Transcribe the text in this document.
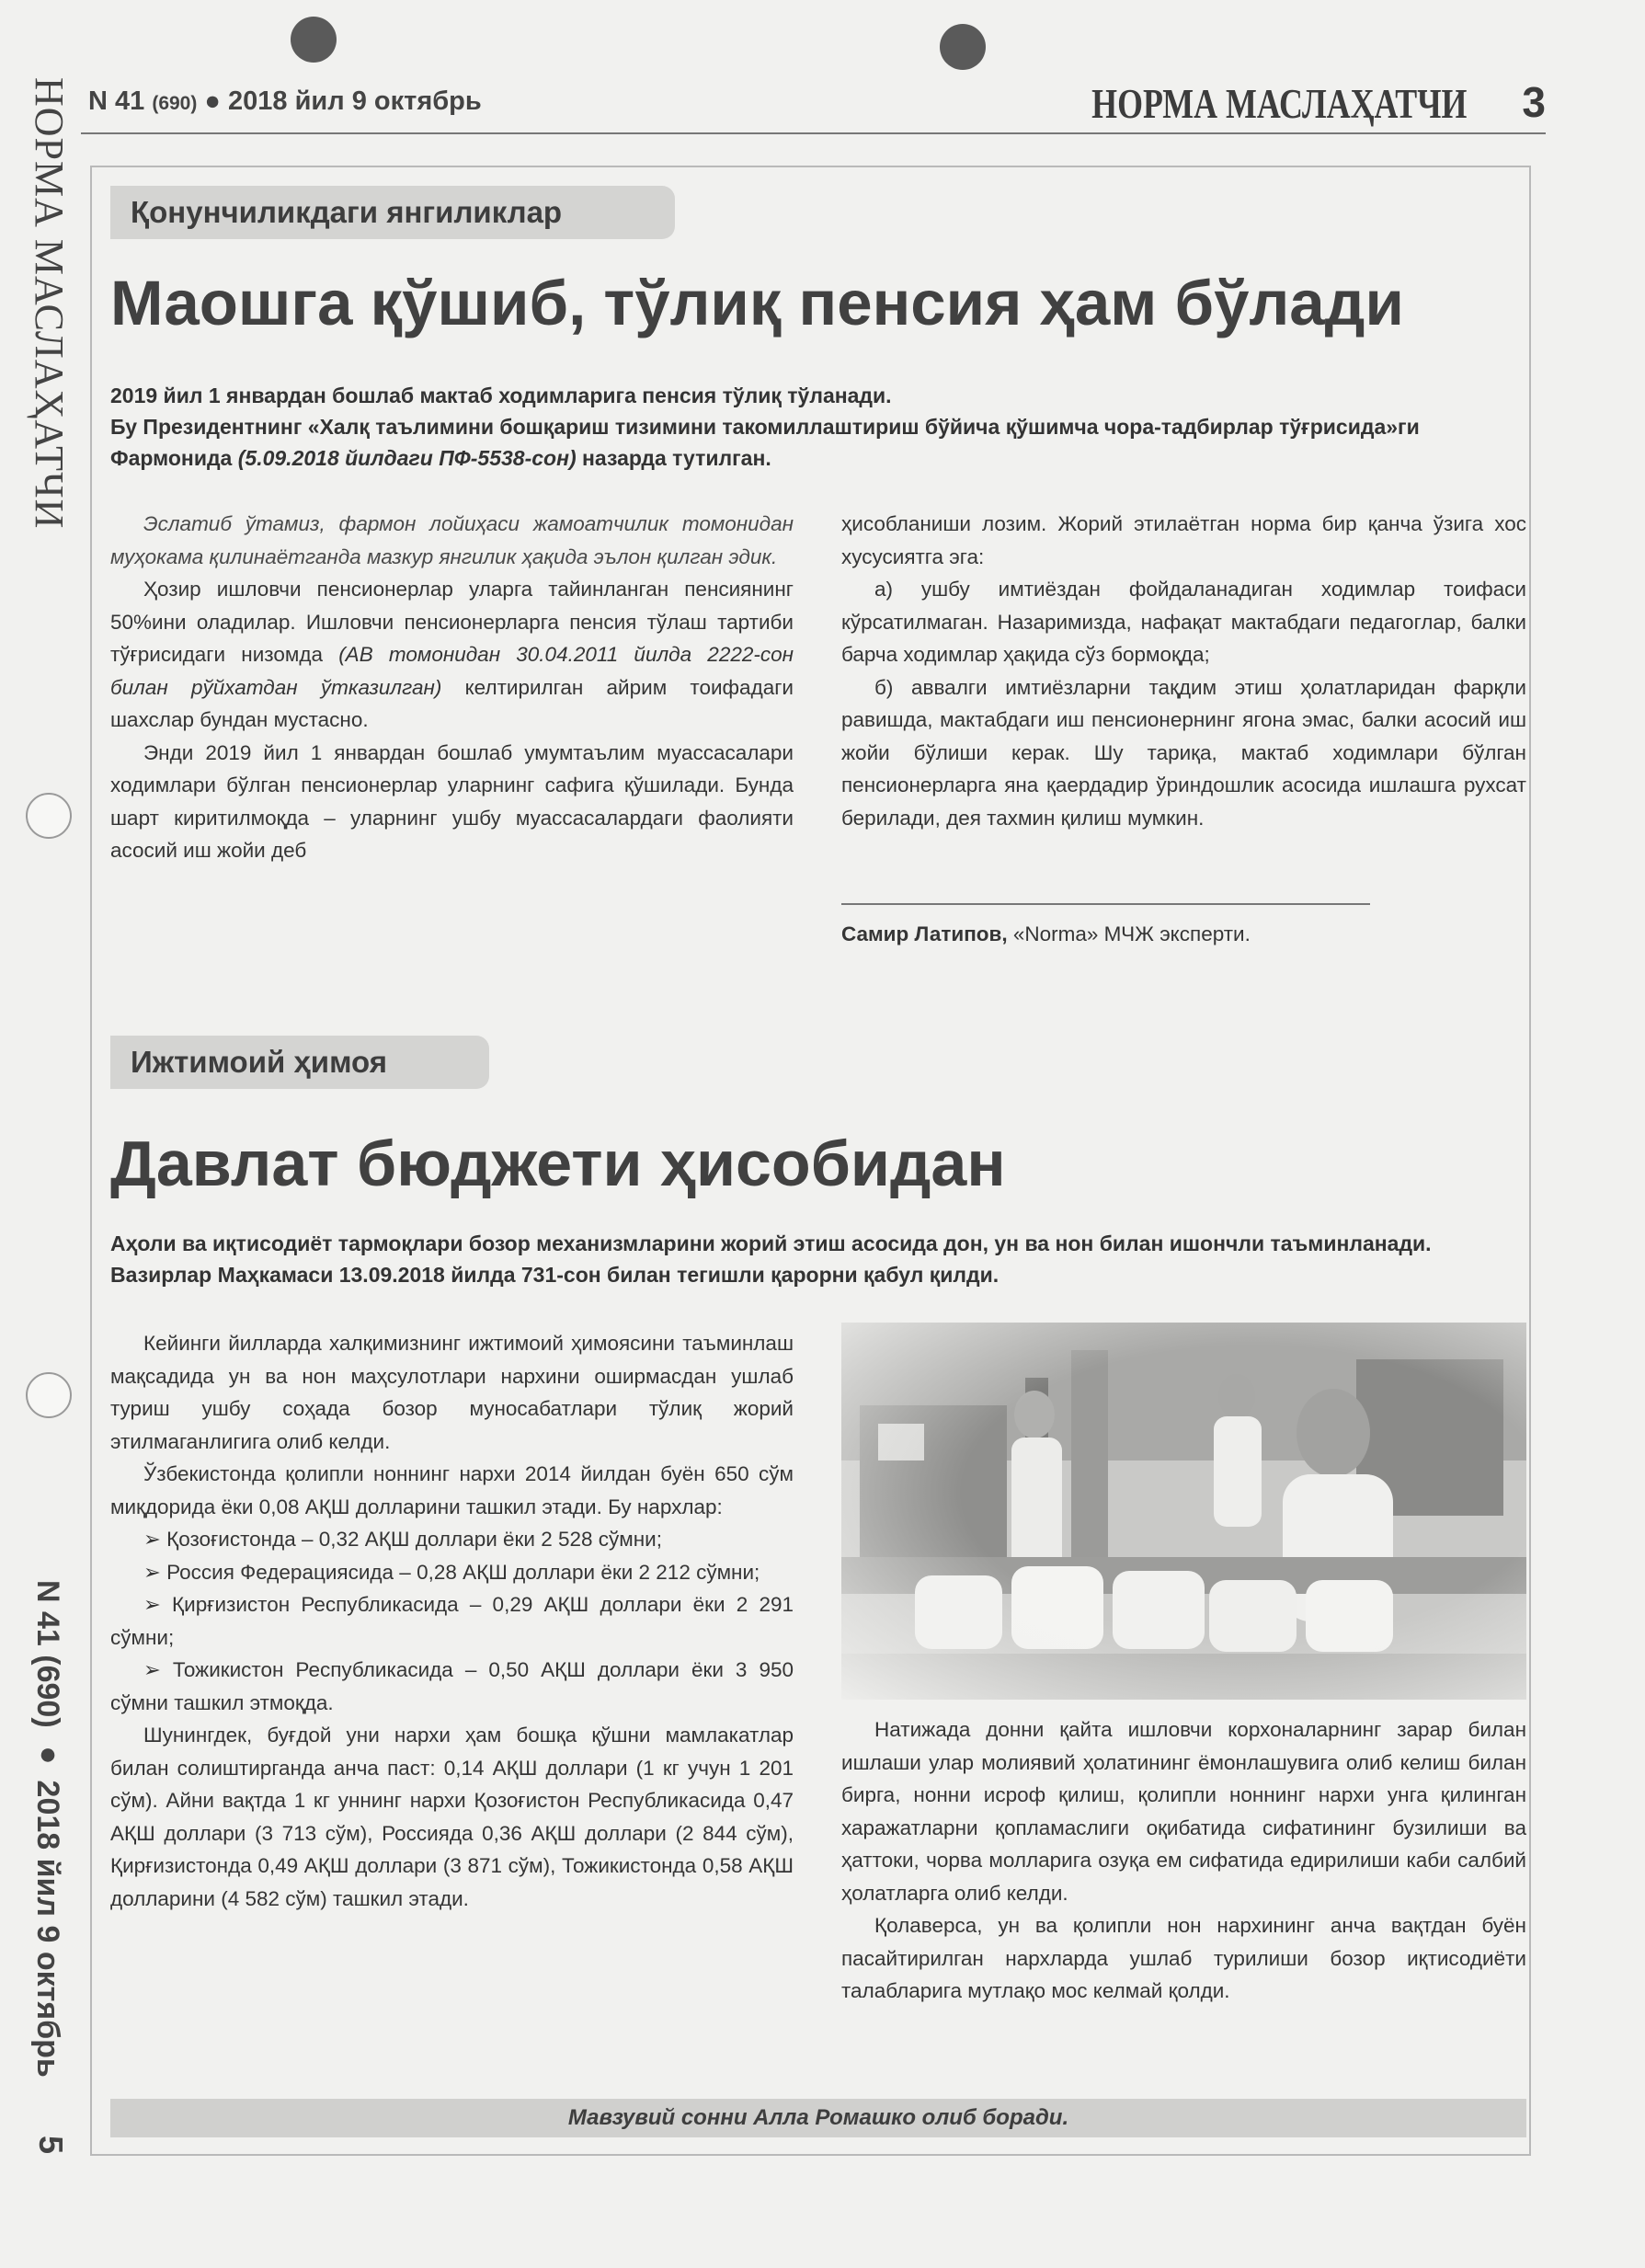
НОРМА МАСЛАҲАТЧИ
N 41 (690) ● 2018 йил 9 октябрь
5
N 41 (690) ● 2018 йил 9 октябрь	НОРМА МАСЛАҲАТЧИ 3
Қонунчиликдаги янгиликлар
Маошга қўшиб, тўлиқ пенсия ҳам бўлади
2019 йил 1 январдан бошлаб мактаб ходимларига пенсия тўлиқ тўланади.
Бу Президентнинг «Халқ таълимини бошқариш тизимини такомиллаштириш бўйича қўшимча чора-тадбирлар тўғрисида»ги Фармонида (5.09.2018 йилдаги ПФ-5538-сон) назарда тутилган.

Эслатиб ўтамиз, фармон лойиҳаси жамоатчилик томонидан муҳокама қилинаётганда мазкур янгилик ҳақида эълон қилган эдик.

Ҳозир ишловчи пенсионерлар уларга тайинланган пенсиянинг 50%ини оладилар. Ишловчи пенсионерларга пенсия тўлаш тартиби тўғрисидаги низомда (АВ томонидан 30.04.2011 йилда 2222-сон билан рўйхатдан ўтказилган) келтирилган айрим тоифадаги шахслар бундан мустасно.

Энди 2019 йил 1 январдан бошлаб умумтаълим муассасалари ходимлари бўлган пенсионерлар уларнинг сафига қўшилади. Бунда шарт киритилмоқда – уларнинг ушбу муассасалардаги фаолияти асосий иш жойи деб

ҳисобланиши лозим. Жорий этилаётган норма бир қанча ўзига хос хусусиятга эга:

а) ушбу имтиёздан фойдаланадиган ходимлар тоифаси кўрсатилмаган. Назаримизда, нафақат мактабдаги педагоглар, балки барча ходимлар ҳақида сўз бормоқда;

б) аввалги имтиёзларни тақдим этиш ҳолатларидан фарқли равишда, мактабдаги иш пенсионернинг ягона эмас, балки асосий иш жойи бўлиши керак. Шу тариқа, мактаб ходимлари бўлган пенсионерларга яна қаердадир ўриндошлик асосида ишлашга рухсат берилади, дея тахмин қилиш мумкин.

Самир Латипов, «Norma» МЧЖ эксперти.

Ижтимоий ҳимоя
Давлат бюджети ҳисобидан

Аҳоли ва иқтисодиёт тармоқлари бозор механизмларини жорий этиш асосида дон, ун ва нон билан ишончли таъминланади. Вазирлар Маҳкамаси 13.09.2018 йилда 731-сон билан тегишли қарорни қабул қилди.

Кейинги йилларда халқимизнинг ижтимоий ҳимоясини таъминлаш мақсадида ун ва нон маҳсулотлари нархини оширмасдан ушлаб туриш ушбу соҳада бозор муносабатлари тўлиқ жорий этилмаганлигига олиб келди.

Ўзбекистонда қолипли ноннинг нархи 2014 йилдан буён 650 сўм миқдорида ёки 0,08 АҚШ долларини ташкил этади. Бу нархлар:

➢ Қозоғистонда – 0,32 АҚШ доллари ёки 2 528 сўмни;

➢ Россия Федерациясида – 0,28 АҚШ доллари ёки 2 212 сўмни;

➢ Қирғизистон Республикасида – 0,29 АҚШ доллари ёки 2 291 сўмни;

➢ Тожикистон Республикасида – 0,50 АҚШ доллари ёки 3 950 сўмни ташкил этмоқда.

Шунингдек, буғдой уни нархи ҳам бошқа қўшни мамлакатлар билан солиштирганда анча паст: 0,14 АҚШ доллари (1 кг учун 1 201 сўм). Айни вақтда 1 кг уннинг нархи Қозоғистон Республикасида 0,47 АҚШ доллари (3 713 сўм), Россияда 0,36 АҚШ доллари (2 844 сўм), Қирғизистонда 0,49 АҚШ доллари (3 871 сўм), Тожикистонда 0,58 АҚШ долларини (4 582 сўм) ташкил этади.

Натижада донни қайта ишловчи корхоналарнинг зарар билан ишлаши улар молиявий ҳолатининг ёмонлашувига олиб келиш билан бирга, нонни исроф қилиш, қолипли ноннинг нархи унга қилинган харажатларни қопламаслиги оқибатида сифатининг бузилиши ва ҳаттоки, чорва молларига озуқа ем сифатида едирилиши каби салбий ҳолатларга олиб келди.

Қолаверса, ун ва қолипли нон нархининг анча вақтдан буён пасайтирилган нархларда ушлаб турилиши бозор иқтисодиёти талабларига мутлақо мос келмай қолди.

Мавзувий сонни Алла Ромашко олиб боради.
